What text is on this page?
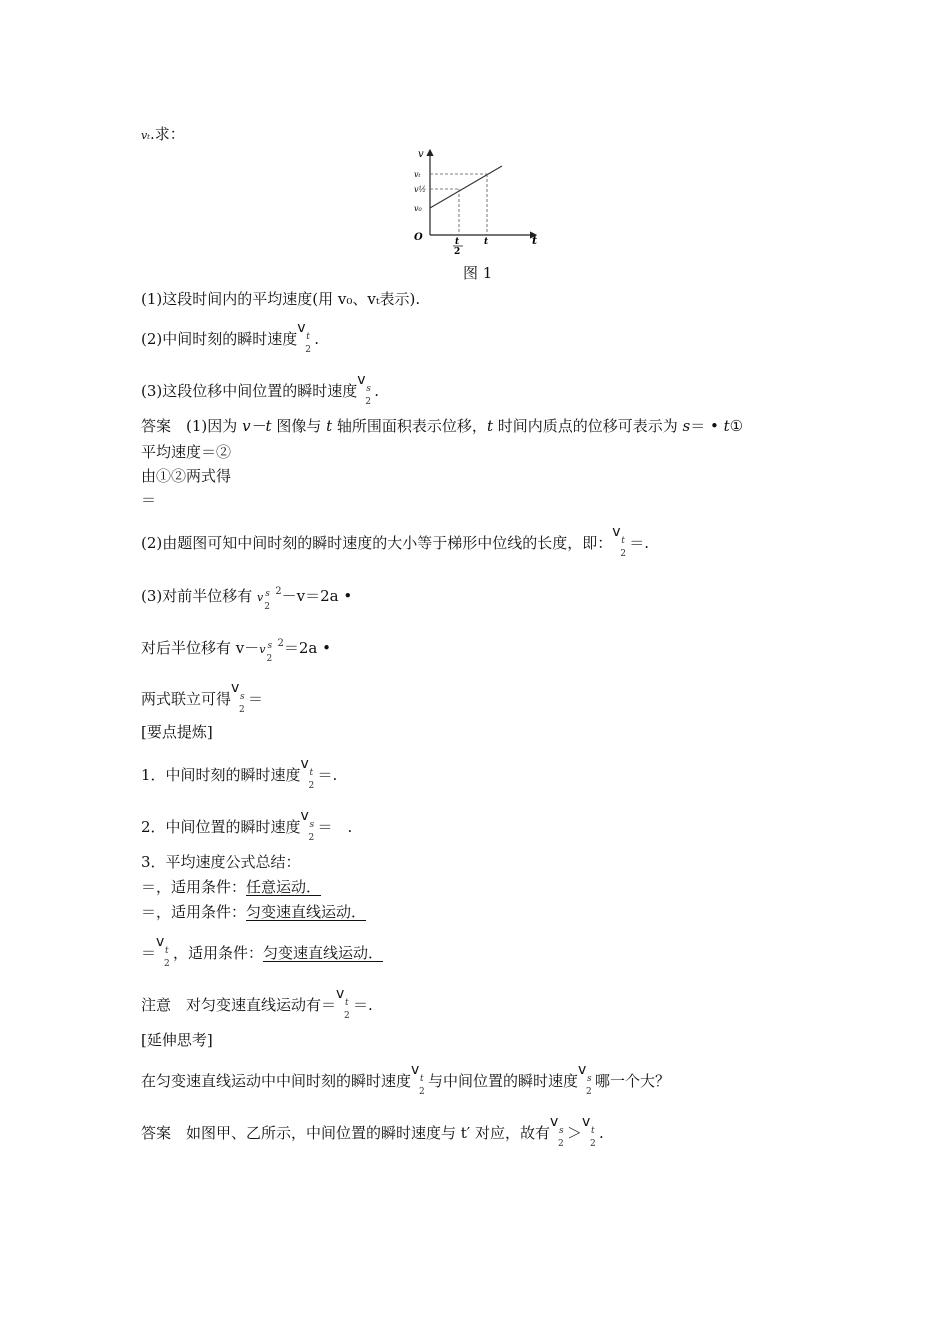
vₜ.求：
v
t
O
vₜ
v½
v₀
t
2
t
图 1
(1)这段时间内的平均速度(用 v₀、vₜ表示).
(2)中间时刻的瞬时速度
v
t
2
.
(3)这段位移中间位置的瞬时速度
v
s
2
.
答案　 (1)因为 v－t 图像与 t 轴所围面积表示位移，t 时间内质点的位移可表示为 s＝ • t①
平均速度＝②
由①②两式得
＝
(2)由题图可知中间时刻的瞬时速度的大小等于梯形中位线的长度，即：
v
t
2
＝.
(3)对前半位移有 v s
2
$^2$－v＝2a •
对后半位移有 v－v s
2
$^2$＝2a •
两式联立可得
v
s
2
＝
[要点提炼]
1．中间时刻的瞬时速度
v
t
2
＝.
2．中间位置的瞬时速度
v
s
2
＝　.
3．平均速度公式总结：
＝，适用条件：任意运动．
＝，适用条件：匀变速直线运动．
＝
v
t
2
，适用条件：匀变速直线运动．
注意　对匀变速直线运动有＝
v
t
2
＝.
[延伸思考]
在匀变速直线运动中中间时刻的瞬时速度
v
t
2
与中间位置的瞬时速度
v
s
2
哪一个大？
答案　如图甲、乙所示，中间位置的瞬时速度与 t′ 对应，故有
v
s
2
＞
v
t
2
.
